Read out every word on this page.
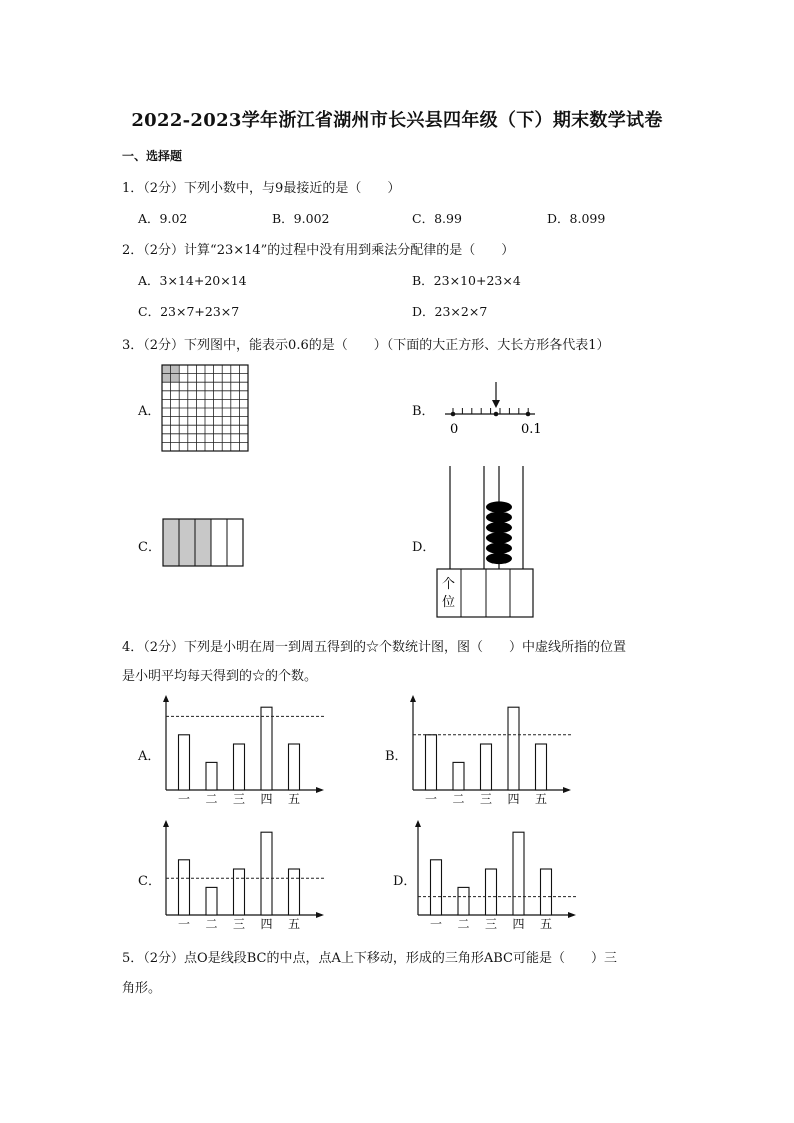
2022-2023学年浙江省湖州市长兴县四年级（下）期末数学试卷
一、选择题
1．（2分）下列小数中，与9最接近的是（　　）
A．9.02	B．9.002	C．8.99	D．8.099
2．（2分）计算“23×14”的过程中没有用到乘法分配律的是（　　）
A．3×14+20×14	B．23×10+23×4
C．23×7+23×7	D．23×2×7
3．（2分）下列图中，能表示0.6的是（　　）（下面的大正方形、大长方形各代表1）
A．	B．
0	0.1
C．	D．
个
位
4．（2分）下列是小明在周一到周五得到的☆个数统计图，图（　　）中虚线所指的位置
是小明平均每天得到的☆的个数。
A．	B．
C．	D．
一 二 三 四 五	一 二 三 四 五
一 二 三 四 五	一 二 三 四 五
5．（2分）点O是线段BC的中点，点A上下移动，形成的三角形ABC可能是（　　）三
角形。
